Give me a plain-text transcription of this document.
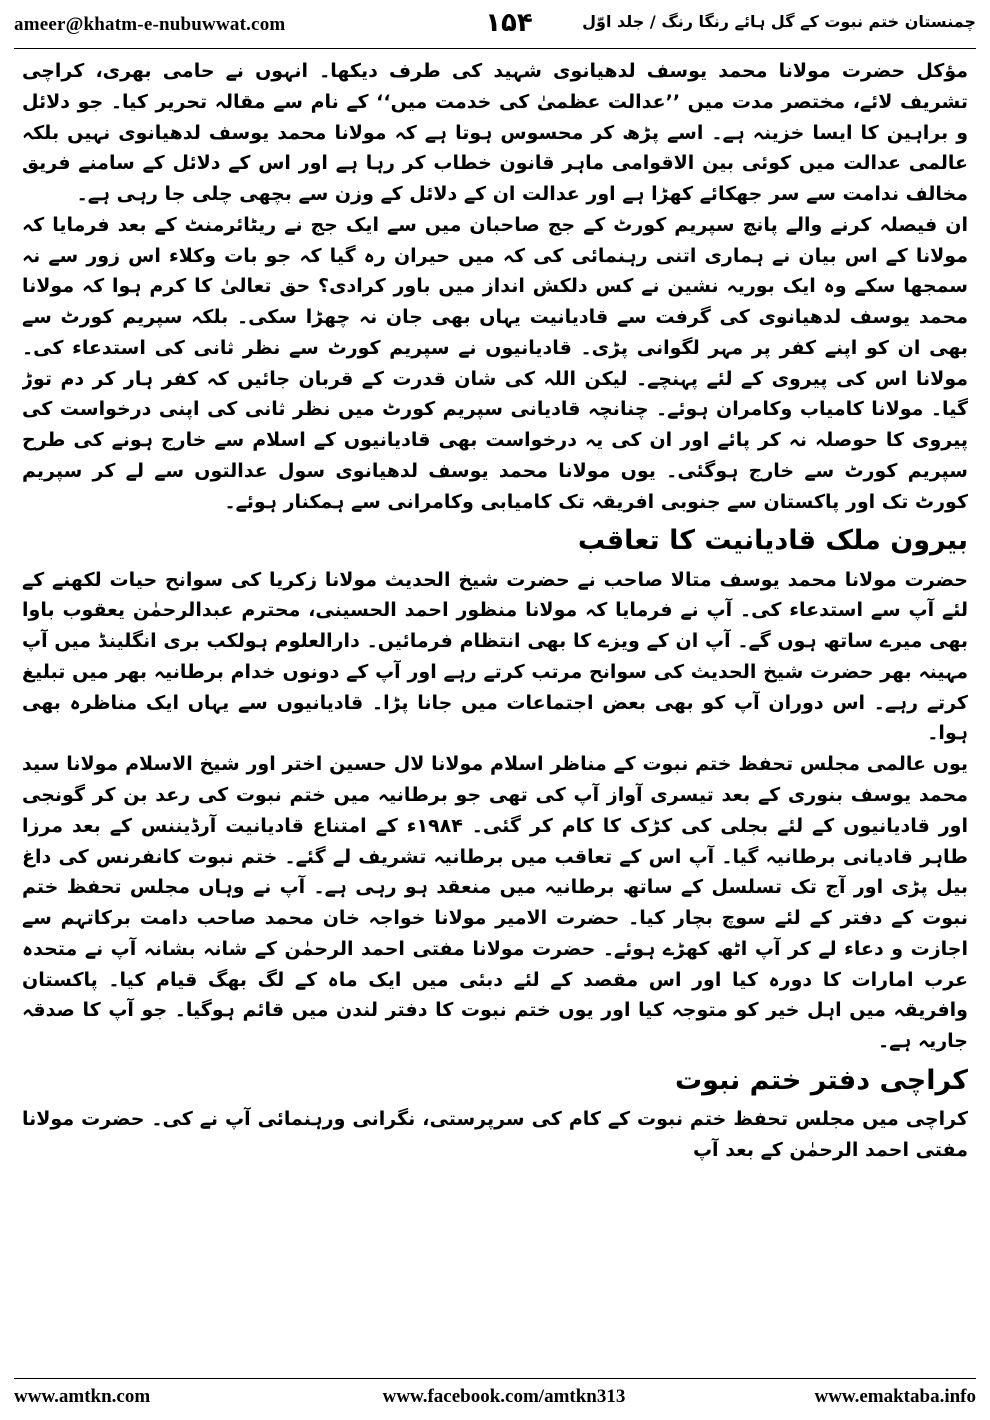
ameer@khatm-e-nubuwwat.com	۱۵۴	چمنستان ختم نبوت کے گل ہائے رنگا رنگ / جلد اوّل

مؤکل حضرت مولانا محمد یوسف لدھیانوی شہید کی طرف دیکھا۔ انہوں نے حامی بھری، کراچی تشریف لائے، مختصر مدت میں ’’عدالت عظمیٰ کی خدمت میں‘‘ کے نام سے مقالہ تحریر کیا۔ جو دلائل و براہین کا ایسا خزینہ ہے۔ اسے پڑھ کر محسوس ہوتا ہے کہ مولانا محمد یوسف لدھیانوی نہیں بلکہ عالمی عدالت میں کوئی بین الاقوامی ماہر قانون خطاب کر رہا ہے اور اس کے دلائل کے سامنے فریق مخالف ندامت سے سر جھکائے کھڑا ہے اور عدالت ان کے دلائل کے وزن سے بچھی چلی جا رہی ہے۔

ان فیصلہ کرنے والے پانچ سپریم کورٹ کے جج صاحبان میں سے ایک جج نے ریٹائرمنٹ کے بعد فرمایا کہ مولانا کے اس بیان نے ہماری اتنی رہنمائی کی کہ میں حیران رہ گیا کہ جو بات وکلاء اس زور سے نہ سمجھا سکے وہ ایک بوریہ نشین نے کس دلکش انداز میں باور کرادی؟ حق تعالیٰ کا کرم ہوا کہ مولانا محمد یوسف لدھیانوی کی گرفت سے قادیانیت یہاں بھی جان نہ چھڑا سکی۔ بلکہ سپریم کورٹ سے بھی ان کو اپنے کفر پر مہر لگوانی پڑی۔ قادیانیوں نے سپریم کورٹ سے نظر ثانی کی استدعاء کی۔ مولانا اس کی پیروی کے لئے پہنچے۔ لیکن اللہ کی شان قدرت کے قربان جائیں کہ کفر ہار کر دم توڑ گیا۔ مولانا کامیاب وکامران ہوئے۔ چنانچہ قادیانی سپریم کورٹ میں نظر ثانی کی اپنی درخواست کی پیروی کا حوصلہ نہ کر پائے اور ان کی یہ درخواست بھی قادیانیوں کے اسلام سے خارج ہونے کی طرح سپریم کورٹ سے خارج ہوگئی۔ یوں مولانا محمد یوسف لدھیانوی سول عدالتوں سے لے کر سپریم کورٹ تک اور پاکستان سے جنوبی افریقہ تک کامیابی وکامرانی سے ہمکنار ہوئے۔

بیرون ملک قادیانیت کا تعاقب

حضرت مولانا محمد یوسف متالا صاحب نے حضرت شیخ الحدیث مولانا زکریا کی سوانح حیات لکھنے کے لئے آپ سے استدعاء کی۔ آپ نے فرمایا کہ مولانا منظور احمد الحسینی، محترم عبدالرحمٰن یعقوب باوا بھی میرے ساتھ ہوں گے۔ آپ ان کے ویزے کا بھی انتظام فرمائیں۔ دارالعلوم ہولکب بری انگلینڈ میں آپ مہینہ بھر حضرت شیخ الحدیث کی سوانح مرتب کرتے رہے اور آپ کے دونوں خدام برطانیہ بھر میں تبلیغ کرتے رہے۔ اس دوران آپ کو بھی بعض اجتماعات میں جانا پڑا۔ قادیانیوں سے یہاں ایک مناظرہ بھی ہوا۔

یوں عالمی مجلس تحفظ ختم نبوت کے مناظر اسلام مولانا لال حسین اختر اور شیخ الاسلام مولانا سید محمد یوسف بنوری کے بعد تیسری آواز آپ کی تھی جو برطانیہ میں ختم نبوت کی رعد بن کر گونجی اور قادیانیوں کے لئے بجلی کی کڑک کا کام کر گئی۔ ۱۹۸۴ء کے امتناع قادیانیت آرڈیننس کے بعد مرزا طاہر قادیانی برطانیہ گیا۔ آپ اس کے تعاقب میں برطانیہ تشریف لے گئے۔ ختم نبوت کانفرنس کی داغ بیل پڑی اور آج تک تسلسل کے ساتھ برطانیہ میں منعقد ہو رہی ہے۔ آپ نے وہاں مجلس تحفظ ختم نبوت کے دفتر کے لئے سوچ بچار کیا۔ حضرت الامیر مولانا خواجہ خان محمد صاحب دامت برکاتہم سے اجازت و دعاء لے کر آپ اٹھ کھڑے ہوئے۔ حضرت مولانا مفتی احمد الرحمٰن کے شانہ بشانہ آپ نے متحدہ عرب امارات کا دورہ کیا اور اس مقصد کے لئے دبئی میں ایک ماہ کے لگ بھگ قیام کیا۔ پاکستان وافریقہ میں اہل خیر کو متوجہ کیا اور یوں ختم نبوت کا دفتر لندن میں قائم ہوگیا۔ جو آپ کا صدقہ جاریہ ہے۔

کراچی دفتر ختم نبوت

کراچی میں مجلس تحفظ ختم نبوت کے کام کی سرپرستی، نگرانی ورہنمائی آپ نے کی۔ حضرت مولانا مفتی احمد الرحمٰن کے بعد آپ

www.amtkn.com	www.facebook.com/amtkn313	www.emaktaba.info
